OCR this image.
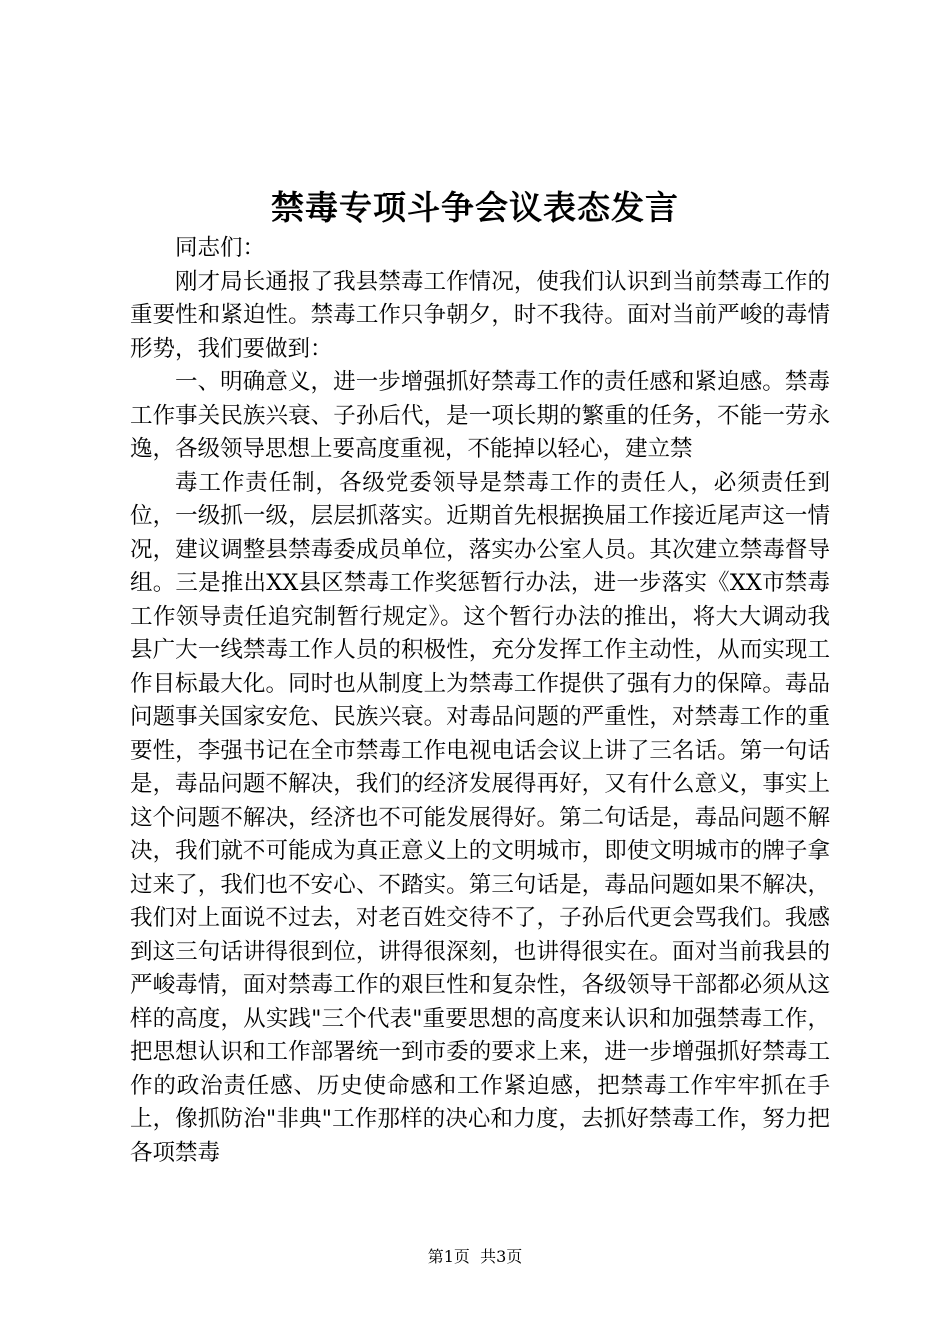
禁毒专项斗争会议表态发言

同志们：

刚才局长通报了我县禁毒工作情况，使我们认识到当前禁毒工作的重要性和紧迫性。禁毒工作只争朝夕，时不我待。面对当前严峻的毒情形势，我们要做到：

一、明确意义，进一步增强抓好禁毒工作的责任感和紧迫感。禁毒工作事关民族兴衰、子孙后代，是一项长期的繁重的任务，不能一劳永逸，各级领导思想上要高度重视，不能掉以轻心，建立禁

毒工作责任制，各级党委领导是禁毒工作的责任人，必须责任到位，一级抓一级，层层抓落实。近期首先根据换届工作接近尾声这一情况，建议调整县禁毒委成员单位，落实办公室人员。其次建立禁毒督导组。三是推出XX县区禁毒工作奖惩暂行办法，进一步落实《XX市禁毒工作领导责任追究制暂行规定》。这个暂行办法的推出，将大大调动我县广大一线禁毒工作人员的积极性，充分发挥工作主动性，从而实现工作目标最大化。同时也从制度上为禁毒工作提供了强有力的保障。毒品问题事关国家安危、民族兴衰。对毒品问题的严重性，对禁毒工作的重要性，李强书记在全市禁毒工作电视电话会议上讲了三名话。第一句话是，毒品问题不解决，我们的经济发展得再好，又有什么意义，事实上这个问题不解决，经济也不可能发展得好。第二句话是，毒品问题不解决，我们就不可能成为真正意义上的文明城市，即使文明城市的牌子拿过来了，我们也不安心、不踏实。第三句话是，毒品问题如果不解决，我们对上面说不过去，对老百姓交待不了，子孙后代更会骂我们。我感到这三句话讲得很到位，讲得很深刻，也讲得很实在。面对当前我县的严峻毒情，面对禁毒工作的艰巨性和复杂性，各级领导干部都必须从这样的高度，从实践"三个代表"重要思想的高度来认识和加强禁毒工作，把思想认识和工作部署统一到市委的要求上来，进一步增强抓好禁毒工作的政治责任感、历史使命感和工作紧迫感，把禁毒工作牢牢抓在手上，像抓防治"非典"工作那样的决心和力度，去抓好禁毒工作，努力把各项禁毒

第1页  共3页
